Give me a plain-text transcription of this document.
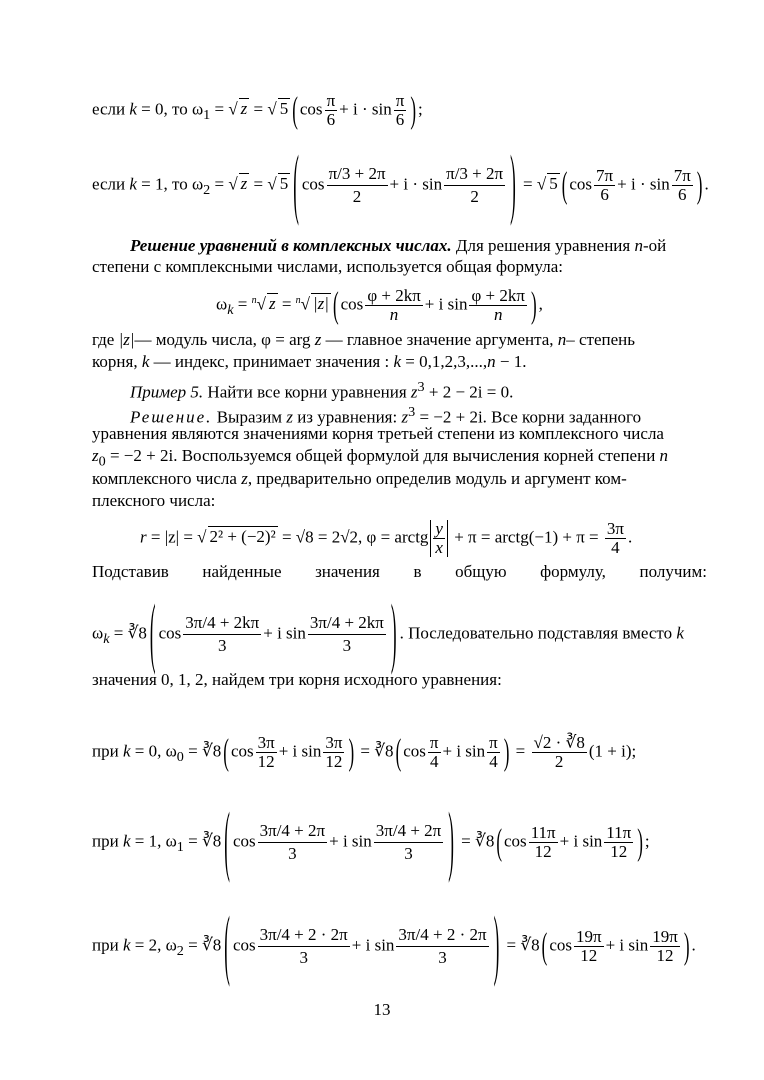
если k = 0, то $\omega_1$ = √ z = √ 5 ( $\cos \frac{\pi}{6} + i \cdot \sin \frac{\pi}{6}$ ) ;
если k = 1, то $\omega_2$ = √ z = √ 5 ( $\cos \frac{\pi/3 + 2\pi}{2} + i \cdot \sin \frac{\pi/3 + 2\pi}{2}$ ) = √ 5 ( $\cos \frac{7\pi}{6} + i \cdot \sin \frac{7\pi}{6}$ ) .
Решение уравнений в комплексных числах. Для решения уравнения n-ой
степени с комплексными числами, используется общая формула:
$\omega_k = ^n√$ z = $^n$√ |z| ( $\cos \frac{\varphi + 2k\pi}{n} + i$ $\sin \frac{\varphi + 2k\pi}{n}$ ) ,
где |z|— модуль числа, φ = arg z — главное значение аргумента, n– степень
корня, k — индекс, принимает значения : k = 0,1,2,3,...,n − 1.
Пример 5. Найти все корни уравнения $z^3 + 2 - 2i = 0$.
Решение. Выразим z из уравнения: $z^3 = -2 + 2i$. Все корни заданного
уравнения являются значениями корня третьей степени из комплексного числа
$z_0 = -2 + 2i$. Воспользуемся общей формулой для вычисления корней степени n
комплексного числа z, предварительно определив модуль и аргумент ком-
плексного числа:
r = |z| = √ 2² + (−2)² = √8 = 2√2, φ = arctg $\frac{y}{x} + \pi$ = arctg(−1) + $\pi = \frac{3\pi}{4}$ .
Подставив найденные значения в общую формулу, получим:
$\omega_k$ = ∛8 ( $\cos \frac{3\pi/4 + 2k\pi}{3} + i$ $\sin \frac{3\pi/4 + 2k\pi}{3}$ ) . Последовательно подставляя вместо k
значения 0, 1, 2, найдем три корня исходного уравнения:
при k = 0, $\omega_0$ = ∛8 ( $\cos \frac{3\pi}{12} + i$ $\sin \frac{3\pi}{12}$ ) = ∛8 ( $\cos \frac{\pi}{4} + i$ $\sin \frac{\pi}{4}$ ) = $\frac{√2 \cdot ∛8}{2} (1 + i)$;
при k = 1, $\omega_1$ = ∛8 ( $\cos \frac{3\pi/4 + 2\pi}{3} + i$ $\sin \frac{3\pi/4 + 2\pi}{3}$ ) = ∛8 ( $\cos \frac{11\pi}{12} + i$ $\sin \frac{11\pi}{12}$ ) ;
при k = 2, $\omega_2$ = ∛8 ( $\cos \frac{3\pi/4 + 2 \cdot 2\pi}{3} + i$ $\sin \frac{3\pi/4 + 2 \cdot 2\pi}{3}$ ) = ∛8 ( $\cos \frac{19\pi}{12} + i$ $\sin \frac{19\pi}{12}$ ) .
13
